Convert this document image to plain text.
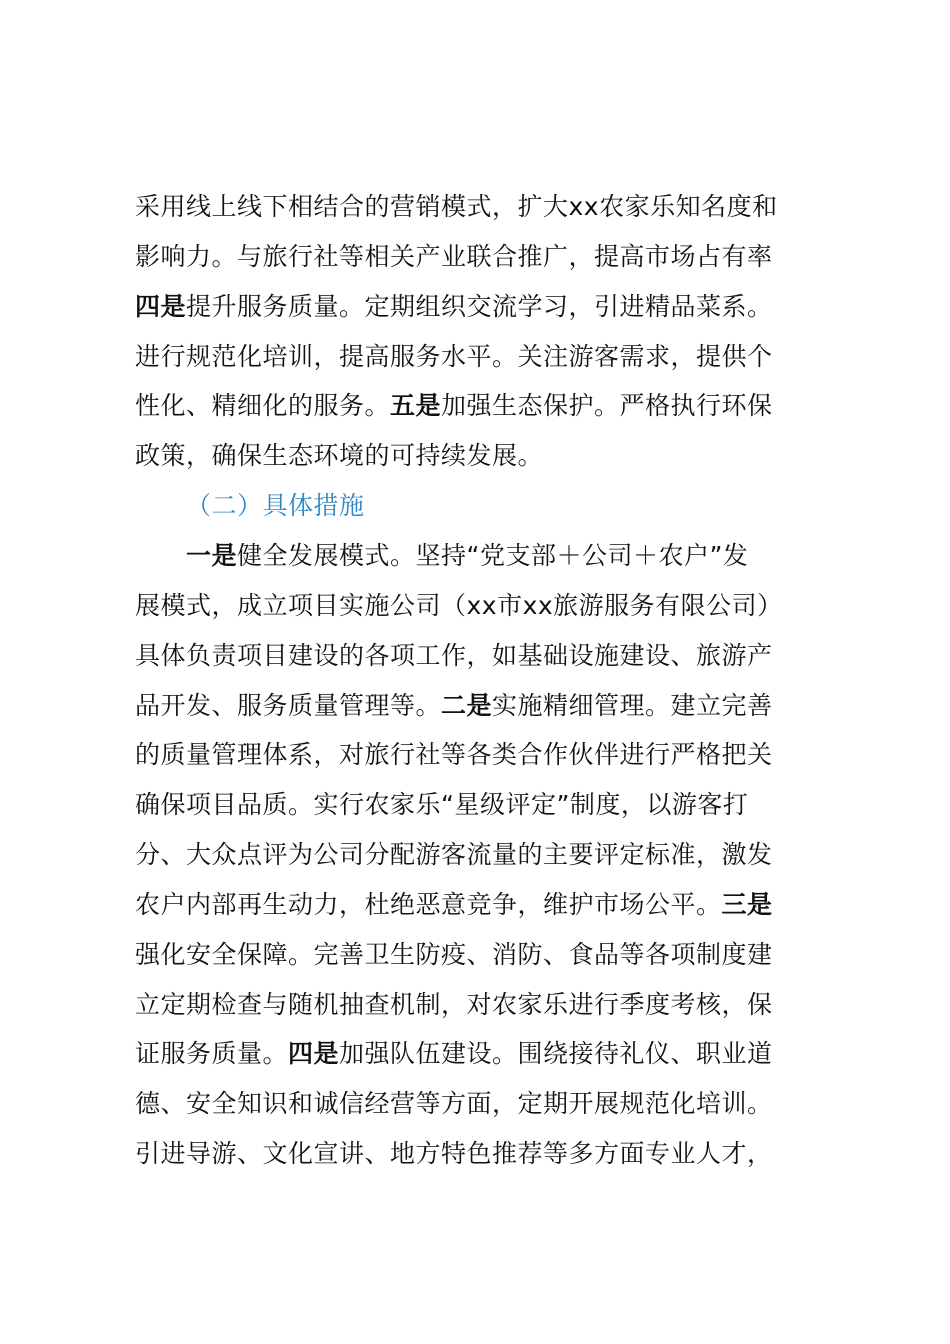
采用线上线下相结合的营销模式，扩大xx农家乐知名度和
影响力。与旅行社等相关产业联合推广，提高市场占有率
四是提升服务质量。定期组织交流学习，引进精品菜系。
进行规范化培训，提高服务水平。关注游客需求，提供个
性化、精细化的服务。五是加强生态保护。严格执行环保
政策，确保生态环境的可持续发展。
（二）具体措施
一是健全发展模式。坚持“党支部＋公司＋农户”发
展模式，成立项目实施公司（xx市xx旅游服务有限公司）
具体负责项目建设的各项工作，如基础设施建设、旅游产
品开发、服务质量管理等。二是实施精细管理。建立完善
的质量管理体系，对旅行社等各类合作伙伴进行严格把关
确保项目品质。实行农家乐“星级评定”制度，以游客打
分、大众点评为公司分配游客流量的主要评定标准，激发
农户内部再生动力，杜绝恶意竞争，维护市场公平。三是
强化安全保障。完善卫生防疫、消防、食品等各项制度建
立定期检查与随机抽查机制，对农家乐进行季度考核，保
证服务质量。四是加强队伍建设。围绕接待礼仪、职业道
德、安全知识和诚信经营等方面，定期开展规范化培训。
引进导游、文化宣讲、地方特色推荐等多方面专业人才，
